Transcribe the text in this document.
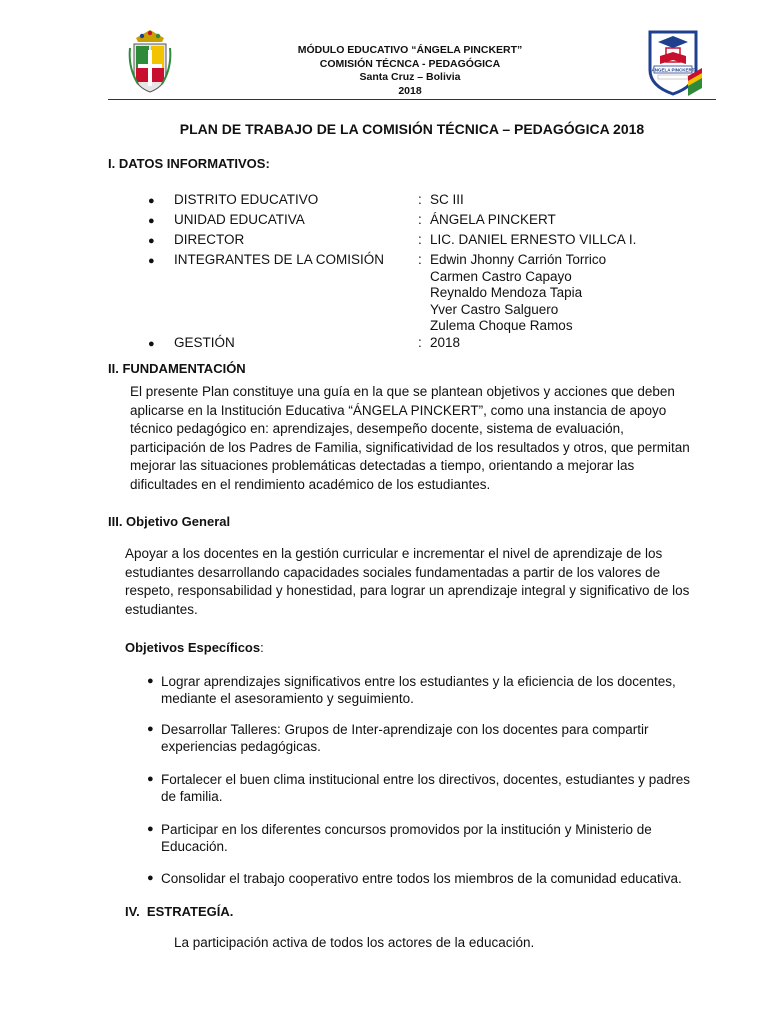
MÓDULO EDUCATIVO “ÁNGELA PINCKERT”
COMISIÓN TÉCNCA - PEDAGÓGICA
Santa Cruz – Bolivia
2018
ÁNGELA PINCKERT
PLAN DE TRABAJO DE LA COMISIÓN TÉCNICA – PEDAGÓGICA 2018
I. DATOS INFORMATIVOS:
● DISTRITO EDUCATIVO	: SC III
● UNIDAD EDUCATIVA	: ÁNGELA PINCKERT
● DIRECTOR	: LIC. DANIEL ERNESTO VILLCA I.
● INTEGRANTES DE LA COMISIÓN	: Edwin Jhonny Carrión Torrico
Carmen Castro Capayo
Reynaldo Mendoza Tapia
Yver Castro Salguero
Zulema Choque Ramos
● GESTIÓN	: 2018
II. FUNDAMENTACIÓN
El presente Plan constituye una guía en la que se plantean objetivos y acciones que deben
aplicarse en la Institución Educativa “ÁNGELA PINCKERT”, como una instancia de apoyo
técnico pedagógico en: aprendizajes, desempeño docente, sistema de evaluación,
participación de los Padres de Familia, significatividad de los resultados y otros, que permitan
mejorar las situaciones problemáticas detectadas a tiempo, orientando a mejorar las
dificultades en el rendimiento académico de los estudiantes.
III. Objetivo General
Apoyar a los docentes en la gestión curricular e incrementar el nivel de aprendizaje de los
estudiantes desarrollando capacidades sociales fundamentadas a partir de los valores de
respeto, responsabilidad y honestidad, para lograr un aprendizaje integral y significativo de los
estudiantes.
Objetivos Específicos:
● Lograr aprendizajes significativos entre los estudiantes y la eficiencia de los docentes,
mediante el asesoramiento y seguimiento.
● Desarrollar Talleres: Grupos de Inter-aprendizaje con los docentes para compartir
experiencias pedagógicas.
● Fortalecer el buen clima institucional entre los directivos, docentes, estudiantes y padres
de familia.
● Participar en los diferentes concursos promovidos por la institución y Ministerio de
Educación.
● Consolidar el trabajo cooperativo entre todos los miembros de la comunidad educativa.
IV.  ESTRATEGÍA.
La participación activa de todos los actores de la educación.
